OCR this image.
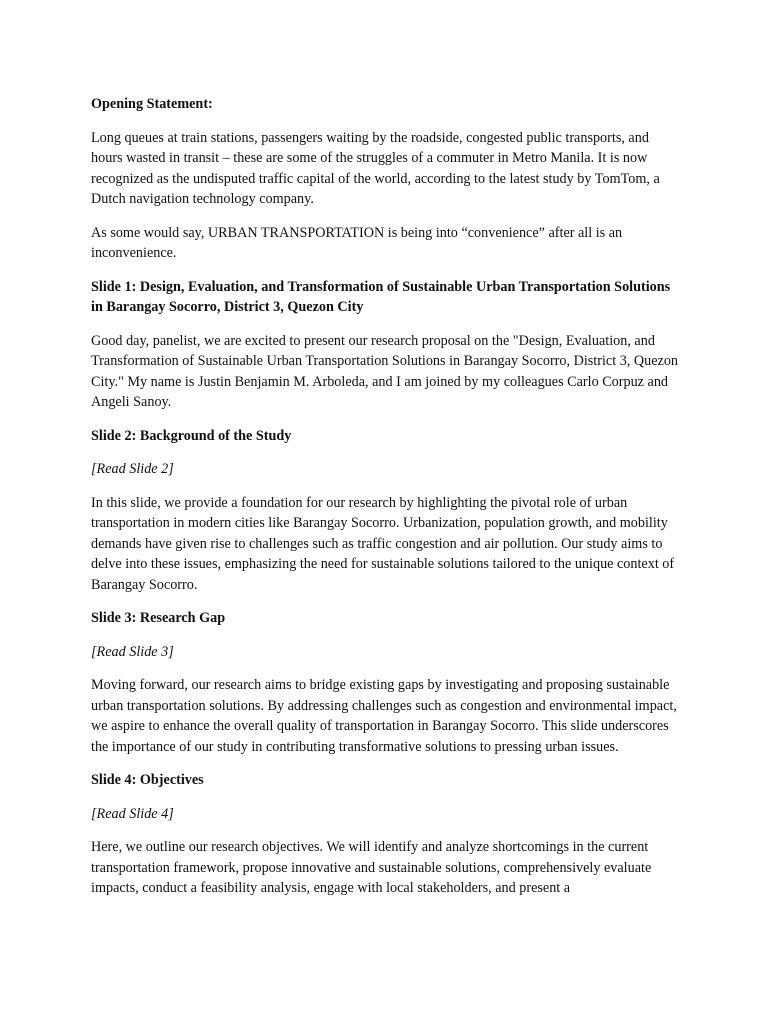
Opening Statement:

Long queues at train stations, passengers waiting by the roadside, congested public transports, and hours wasted in transit – these are some of the struggles of a commuter in Metro Manila. It is now recognized as the undisputed traffic capital of the world, according to the latest study by TomTom, a Dutch navigation technology company.

As some would say, URBAN TRANSPORTATION is being into “convenience” after all is an inconvenience.

Slide 1: Design, Evaluation, and Transformation of Sustainable Urban Transportation Solutions in Barangay Socorro, District 3, Quezon City

Good day, panelist, we are excited to present our research proposal on the "Design, Evaluation, and Transformation of Sustainable Urban Transportation Solutions in Barangay Socorro, District 3, Quezon City." My name is Justin Benjamin M. Arboleda, and I am joined by my colleagues Carlo Corpuz and Angeli Sanoy.

Slide 2: Background of the Study

[Read Slide 2]

In this slide, we provide a foundation for our research by highlighting the pivotal role of urban transportation in modern cities like Barangay Socorro. Urbanization, population growth, and mobility demands have given rise to challenges such as traffic congestion and air pollution. Our study aims to delve into these issues, emphasizing the need for sustainable solutions tailored to the unique context of Barangay Socorro.

Slide 3: Research Gap

[Read Slide 3]

Moving forward, our research aims to bridge existing gaps by investigating and proposing sustainable urban transportation solutions. By addressing challenges such as congestion and environmental impact, we aspire to enhance the overall quality of transportation in Barangay Socorro. This slide underscores the importance of our study in contributing transformative solutions to pressing urban issues.

Slide 4: Objectives

[Read Slide 4]

Here, we outline our research objectives. We will identify and analyze shortcomings in the current transportation framework, propose innovative and sustainable solutions, comprehensively evaluate impacts, conduct a feasibility analysis, engage with local stakeholders, and present a
